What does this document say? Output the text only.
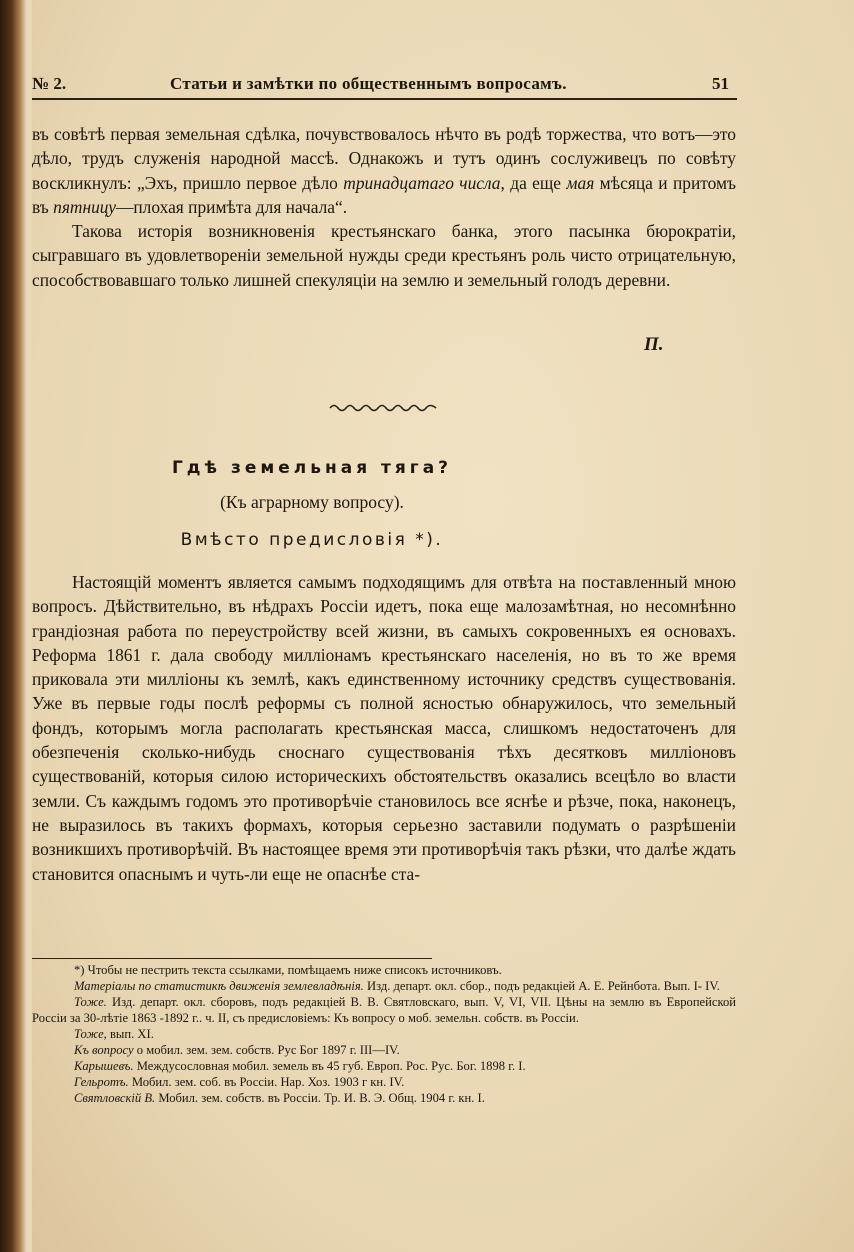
№ 2.	Статьи и замѣтки по общественнымъ вопросамъ.	51

въ совѣтѣ первая земельная сдѣлка, почувствовалось нѣчто въ родѣ торжества, что вотъ—это дѣло, трудъ служенія народной массѣ. Однакожъ и тутъ одинъ сослуживецъ по совѣту воскликнулъ: „Эхъ, пришло первое дѣло тринадцатаго числа, да еще мая мѣсяца и притомъ въ пятницу—плохая примѣта для начала“.

Такова исторія возникновенія крестьянскаго банка, этого пасынка бюрократіи, сыгравшаго въ удовлетвореніи земельной нужды среди крестьянъ роль чисто отрицательную, способствовавшаго только лишней спекуляціи на землю и земельный голодъ деревни.

П.
Гдѣ земельная тяга?
(Къ аграрному вопросу).
Вмѣсто предисловія *).

Настоящій моментъ является самымъ подходящимъ для отвѣта на поставленный мною вопросъ. Дѣйствительно, въ нѣдрахъ Россіи идетъ, пока еще малозамѣтная, но несомнѣнно грандіозная работа по переустройству всей жизни, въ самыхъ сокровенныхъ ея основахъ. Реформа 1861 г. дала свободу милліонамъ крестьянскаго населенія, но въ то же время приковала эти милліоны къ землѣ, какъ единственному источнику средствъ существованія. Уже въ первые годы послѣ реформы съ полной ясностью обнаружилось, что земельный фондъ, которымъ могла располагать крестьянская масса, слишкомъ недостаточенъ для обезпеченія сколько-нибудь сноснаго существованія тѣхъ десятковъ милліоновъ существованій, которыя силою историческихъ обстоятельствъ оказались всецѣло во власти земли. Съ каждымъ годомъ это противорѣчіе становилось все яснѣе и рѣзче, пока, наконецъ, не выразилось въ такихъ формахъ, которыя серьезно заставили подумать о разрѣшеніи возникшихъ противорѣчій. Въ настоящее время эти противорѣчія такъ рѣзки, что далѣе ждать становится опаснымъ и чуть-ли еще не опаснѣе ста-

*) Чтобы не пестрить текста ссылками, помѣщаемъ ниже списокъ источниковъ.

Матеріалы по статистикѣ движенія землевладѣнія. Изд. департ. окл. сбор., подъ редакціей А. Е. Рейнбота. Вып. I- IV.

Тоже. Изд. департ. окл. сборовъ, подъ редакціей В. В. Святловскаго, вып. V, VI, VII. Цѣны на землю въ Европейской Россіи за 30-лѣтіе 1863 -1892 г.. ч. II, съ предисловіемъ: Къ вопросу о моб. земельн. собств. въ Россіи.

Тоже, вып. XI.

Къ вопросу о мобил. зем. зем. собств. Рус Бог 1897 г. III—IV.

Карышевъ. Междусословная мобил. земель въ 45 губ. Европ. Рос. Рус. Бог. 1898 г. I.

Гельротъ. Мобил. зем. соб. въ Россіи. Нар. Хоз. 1903 г кн. IV.

Святловскій В. Мобил. зем. собств. въ Россіи. Тр. И. В. Э. Общ. 1904 г. кн. I.
